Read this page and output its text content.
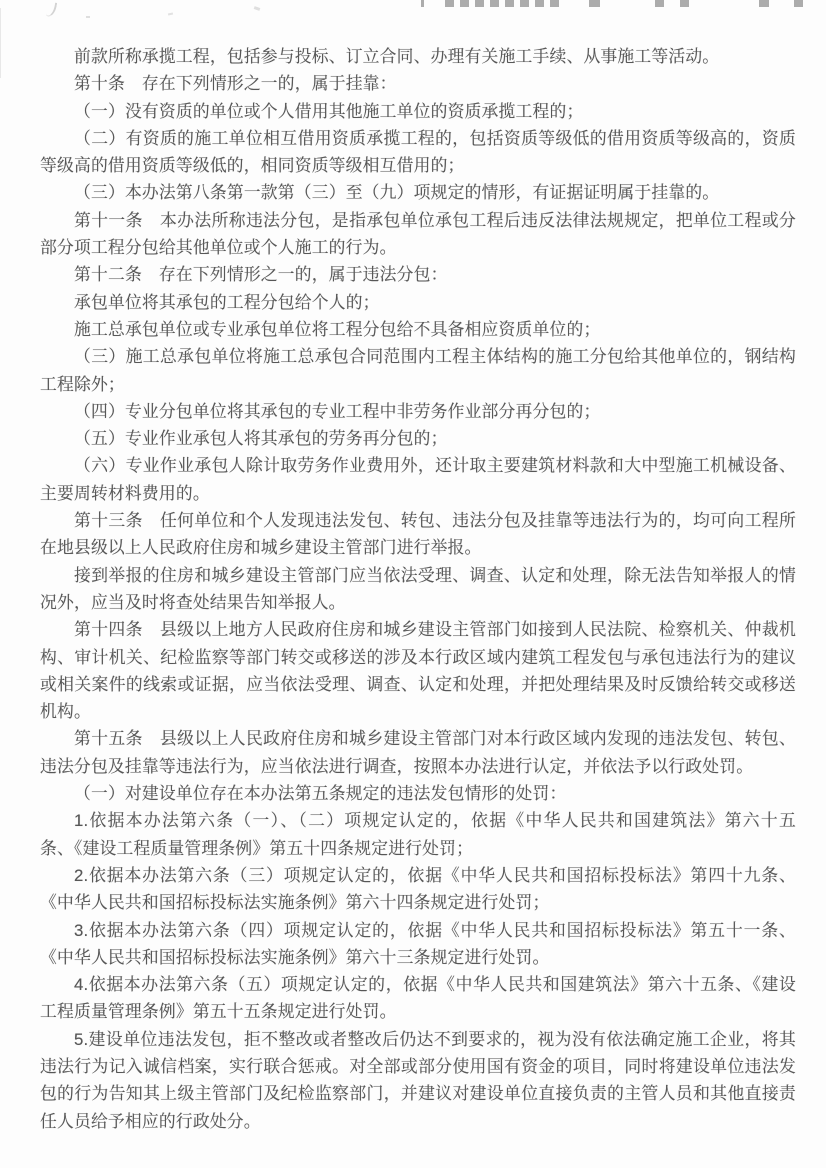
前款所称承揽工程，包括参与投标、订立合同、办理有关施工手续、从事施工等活动。
第十条　存在下列情形之一的，属于挂靠：
（一）没有资质的单位或个人借用其他施工单位的资质承揽工程的；
（二）有资质的施工单位相互借用资质承揽工程的，包括资质等级低的借用资质等级高的，资质
等级高的借用资质等级低的，相同资质等级相互借用的；
（三）本办法第八条第一款第（三）至（九）项规定的情形，有证据证明属于挂靠的。
第十一条　本办法所称违法分包，是指承包单位承包工程后违反法律法规规定，把单位工程或分
部分项工程分包给其他单位或个人施工的行为。
第十二条　存在下列情形之一的，属于违法分包：
承包单位将其承包的工程分包给个人的；
施工总承包单位或专业承包单位将工程分包给不具备相应资质单位的；
（三）施工总承包单位将施工总承包合同范围内工程主体结构的施工分包给其他单位的，钢结构
工程除外；
（四）专业分包单位将其承包的专业工程中非劳务作业部分再分包的；
（五）专业作业承包人将其承包的劳务再分包的；
（六）专业作业承包人除计取劳务作业费用外，还计取主要建筑材料款和大中型施工机械设备、
主要周转材料费用的。
第十三条　任何单位和个人发现违法发包、转包、违法分包及挂靠等违法行为的，均可向工程所
在地县级以上人民政府住房和城乡建设主管部门进行举报。
接到举报的住房和城乡建设主管部门应当依法受理、调查、认定和处理，除无法告知举报人的情
况外，应当及时将查处结果告知举报人。
第十四条　县级以上地方人民政府住房和城乡建设主管部门如接到人民法院、检察机关、仲裁机
构、审计机关、纪检监察等部门转交或移送的涉及本行政区域内建筑工程发包与承包违法行为的建议
或相关案件的线索或证据，应当依法受理、调查、认定和处理，并把处理结果及时反馈给转交或移送
机构。
第十五条　县级以上人民政府住房和城乡建设主管部门对本行政区域内发现的违法发包、转包、
违法分包及挂靠等违法行为，应当依法进行调查，按照本办法进行认定，并依法予以行政处罚。
（一）对建设单位存在本办法第五条规定的违法发包情形的处罚：
1.依据本办法第六条（一）、（二）项规定认定的，依据《中华人民共和国建筑法》第六十五
条、《建设工程质量管理条例》第五十四条规定进行处罚；
2.依据本办法第六条（三）项规定认定的，依据《中华人民共和国招标投标法》第四十九条、
《中华人民共和国招标投标法实施条例》第六十四条规定进行处罚；
3.依据本办法第六条（四）项规定认定的，依据《中华人民共和国招标投标法》第五十一条、
《中华人民共和国招标投标法实施条例》第六十三条规定进行处罚。
4.依据本办法第六条（五）项规定认定的，依据《中华人民共和国建筑法》第六十五条、《建设
工程质量管理条例》第五十五条规定进行处罚。
5.建设单位违法发包，拒不整改或者整改后仍达不到要求的，视为没有依法确定施工企业，将其
违法行为记入诚信档案，实行联合惩戒。对全部或部分使用国有资金的项目，同时将建设单位违法发
包的行为告知其上级主管部门及纪检监察部门，并建议对建设单位直接负责的主管人员和其他直接责
任人员给予相应的行政处分。
